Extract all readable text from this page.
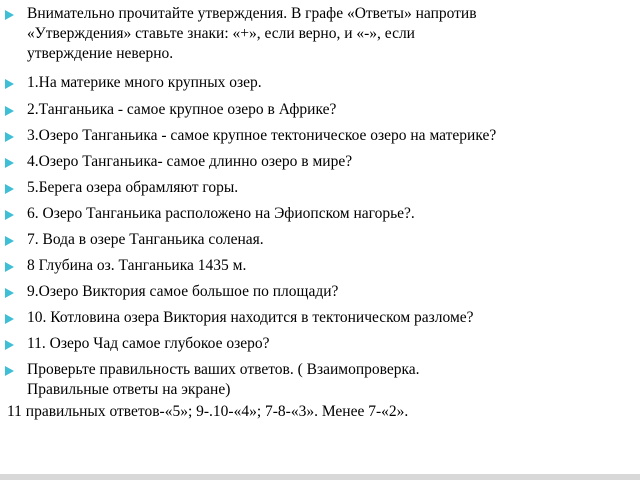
Внимательно прочитайте утверждения. В графе «Ответы» напротив «Утверждения» ставьте знаки: «+», если верно, и «-», если утверждение неверно.
1.На материке много крупных озер.
2.Танганьика - самое крупное озеро в Африке?
3.Озеро Танганьика - самое крупное тектоническое озеро на материке?
4.Озеро Танганьика- самое длинно озеро в мире?
5.Берега озера обрамляют горы.
6. Озеро Танганьика расположено на Эфиопском нагорье?.
7. Вода в озере Танганьика соленая.
8 Глубина оз. Танганьика 1435 м.
9.Озеро Виктория самое большое по площади?
10. Котловина озера Виктория находится в тектоническом разломе?
11. Озеро Чад самое глубокое озеро?
Проверьте правильность ваших ответов. ( Взаимопроверка.
Правильные ответы на экране)
11 правильных ответов-«5»; 9-.10-«4»; 7-8-«3». Менее 7-«2».
